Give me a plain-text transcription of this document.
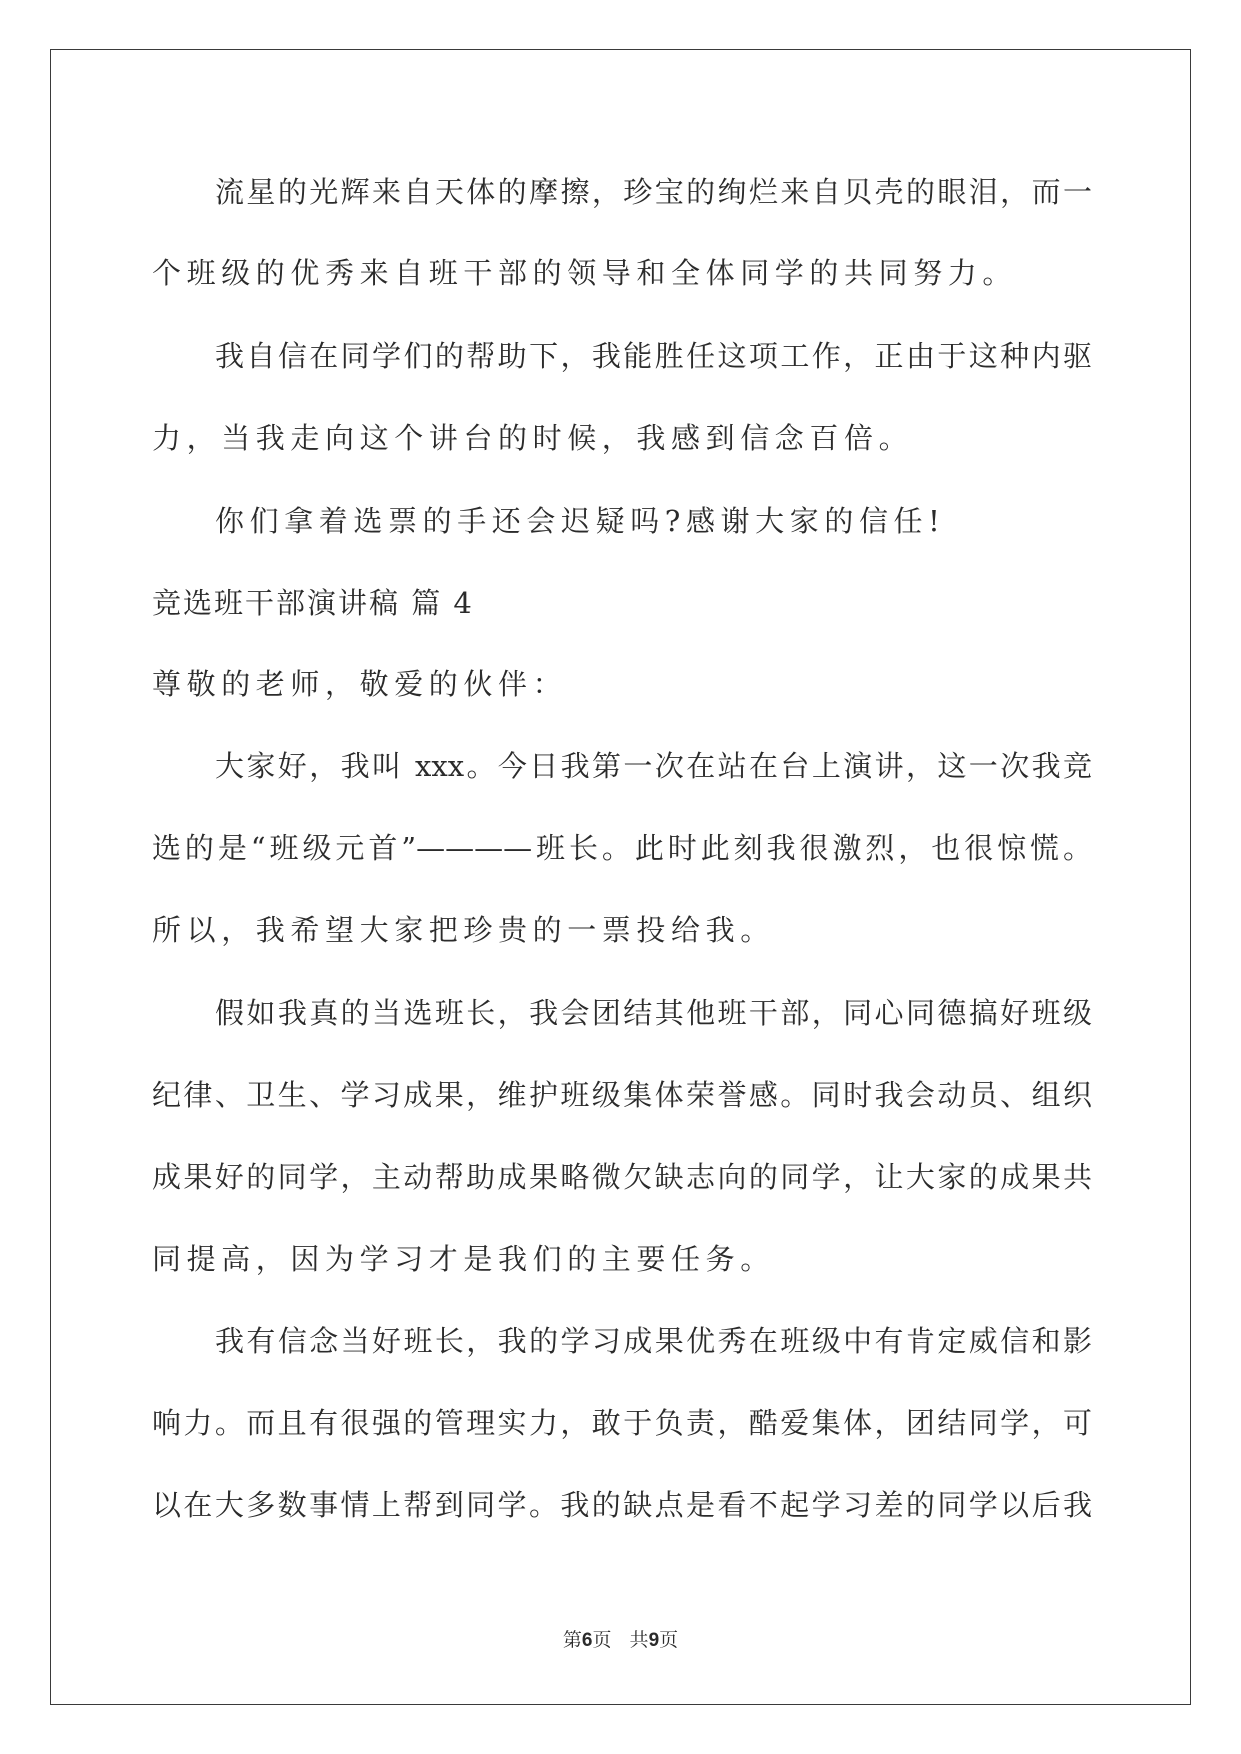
流星的光辉来自天体的摩擦，珍宝的绚烂来自贝壳的眼泪，而一
个班级的优秀来自班干部的领导和全体同学的共同努力。
我自信在同学们的帮助下，我能胜任这项工作，正由于这种内驱
力，当我走向这个讲台的时候，我感到信念百倍。
你们拿着选票的手还会迟疑吗?感谢大家的信任!
竞选班干部演讲稿 篇 4
尊敬的老师，敬爱的伙伴：
大家好，我叫 xxx。今日我第一次在站在台上演讲，这一次我竞
选的是“班级元首”————班长。此时此刻我很激烈，也很惊慌。
所以，我希望大家把珍贵的一票投给我。
假如我真的当选班长，我会团结其他班干部，同心同德搞好班级
纪律、卫生、学习成果，维护班级集体荣誉感。同时我会动员、组织
成果好的同学，主动帮助成果略微欠缺志向的同学，让大家的成果共
同提高，因为学习才是我们的主要任务。
我有信念当好班长，我的学习成果优秀在班级中有肯定威信和影
响力。而且有很强的管理实力，敢于负责，酷爱集体，团结同学，可
以在大多数事情上帮到同学。我的缺点是看不起学习差的同学以后我
第6页   共9页
